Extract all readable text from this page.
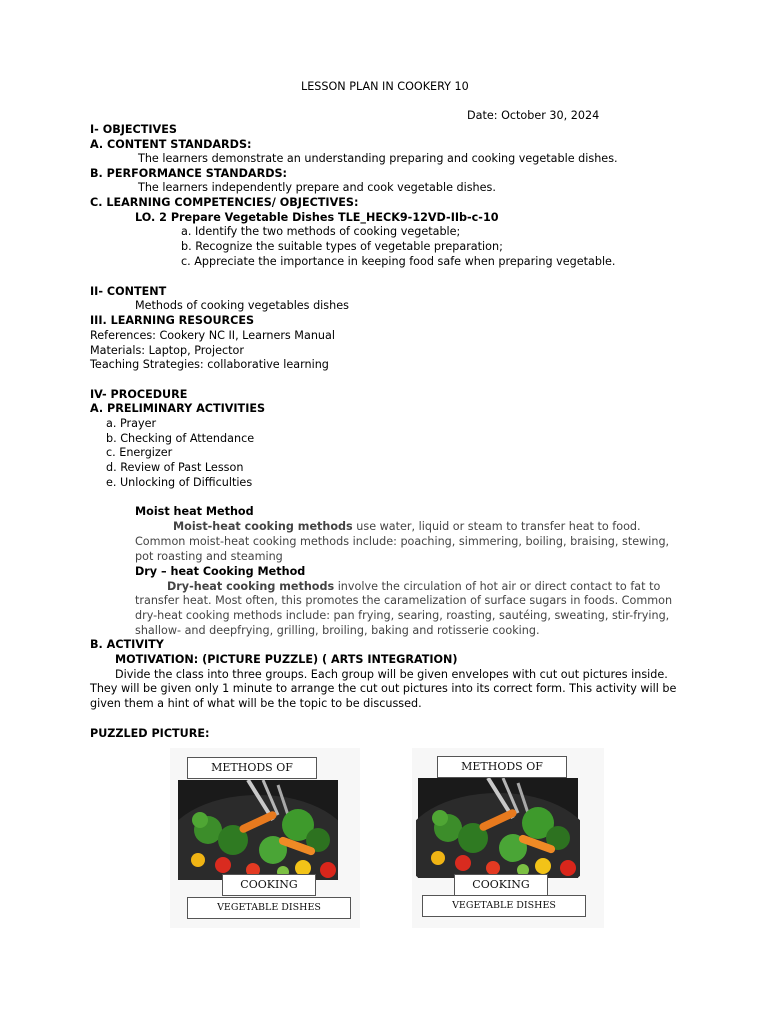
LESSON PLAN IN COOKERY 10
Date: October 30, 2024
I- OBJECTIVES
A. CONTENT STANDARDS:
The learners demonstrate an understanding preparing and cooking vegetable dishes.
B. PERFORMANCE STANDARDS:
The learners independently prepare and cook vegetable dishes.
C. LEARNING COMPETENCIES/ OBJECTIVES:
LO. 2 Prepare Vegetable Dishes TLE_HECK9-12VD-IIb-c-10
a. Identify the two methods of cooking vegetable;
b. Recognize the suitable types of vegetable preparation;
c. Appreciate the importance in keeping food safe when preparing vegetable.
II- CONTENT
Methods of cooking vegetables dishes
III. LEARNING RESOURCES
References: Cookery NC II, Learners Manual
Materials: Laptop, Projector
Teaching Strategies: collaborative learning
IV- PROCEDURE
A. PRELIMINARY ACTIVITIES
a. Prayer
b. Checking of Attendance
c. Energizer
d. Review of Past Lesson
e. Unlocking of Difficulties
Moist heat Method
Moist-heat cooking methods use water, liquid or steam to transfer heat to food.
Common moist-heat cooking methods include: poaching, simmering, boiling, braising, stewing,
pot roasting and steaming
Dry – heat Cooking Method
Dry-heat cooking methods involve the circulation of hot air or direct contact to fat to
transfer heat. Most often, this promotes the caramelization of surface sugars in foods. Common
dry-heat cooking methods include: pan frying, searing, roasting, sautéing, sweating, stir-frying,
shallow- and deepfrying, grilling, broiling, baking and rotisserie cooking.
B. ACTIVITY
MOTIVATION: (PICTURE PUZZLE) ( ARTS INTEGRATION)
Divide the class into three groups. Each group will be given envelopes with cut out pictures inside.
They will be given only 1 minute to arrange the cut out pictures into its correct form. This activity will be
given them a hint of what will be the topic to be discussed.
PUZZLED PICTURE:
METHODS OF
COOKING
VEGETABLE DISHES
METHODS OF
COOKING
VEGETABLE DISHES
